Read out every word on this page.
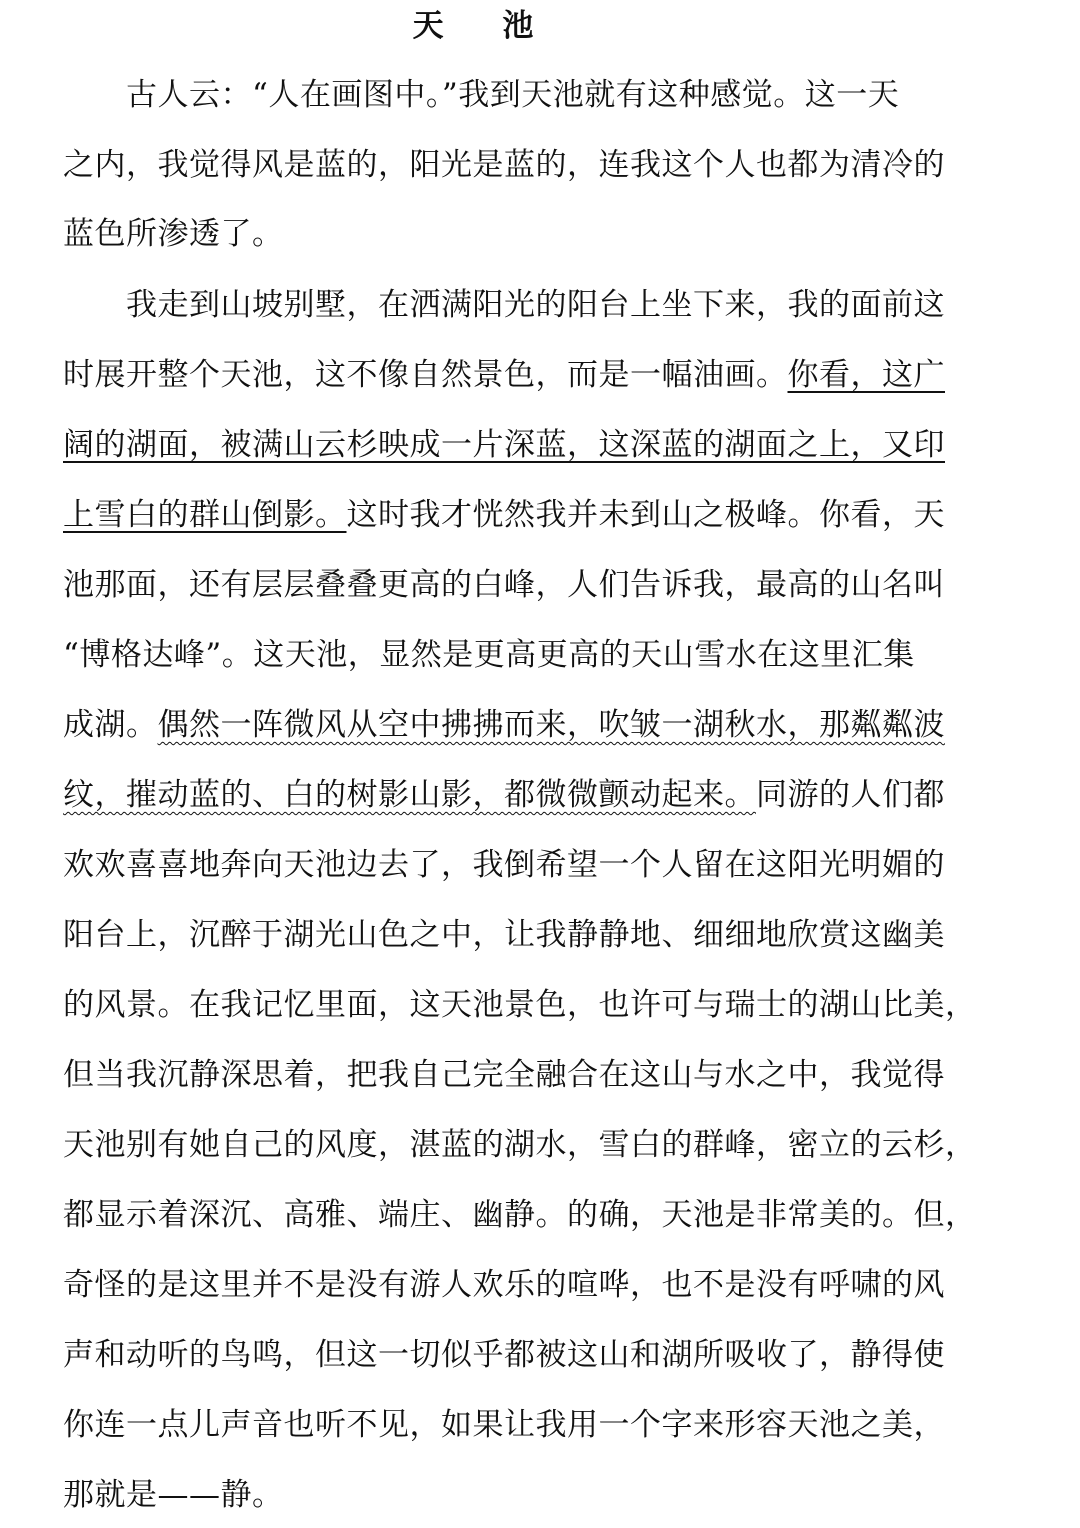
天 池
古人云：“人在画图中。”我到天池就有这种感觉。这一天
之内，我觉得风是蓝的，阳光是蓝的，连我这个人也都为清冷的
蓝色所渗透了。
我走到山坡别墅，在洒满阳光的阳台上坐下来，我的面前这
时展开整个天池，这不像自然景色，而是一幅油画。你看，这广
阔的湖面，被满山云杉映成一片深蓝，这深蓝的湖面之上，又印
上雪白的群山倒影。这时我才恍然我并未到山之极峰。你看，天
池那面，还有层层叠叠更高的白峰，人们告诉我，最高的山名叫
“博格达峰”。这天池，显然是更高更高的天山雪水在这里汇集
成湖。偶然一阵微风从空中拂拂而来，吹皱一湖秋水，那粼粼波
纹，摧动蓝的、白的树影山影，都微微颤动起来。同游的人们都
欢欢喜喜地奔向天池边去了，我倒希望一个人留在这阳光明媚的
阳台上，沉醉于湖光山色之中，让我静静地、细细地欣赏这幽美
的风景。在我记忆里面，这天池景色，也许可与瑞士的湖山比美，
但当我沉静深思着，把我自己完全融合在这山与水之中，我觉得
天池别有她自己的风度，湛蓝的湖水，雪白的群峰，密立的云杉，
都显示着深沉、高雅、端庄、幽静。的确，天池是非常美的。但，
奇怪的是这里并不是没有游人欢乐的喧哗，也不是没有呼啸的风
声和动听的鸟鸣，但这一切似乎都被这山和湖所吸收了，静得使
你连一点儿声音也听不见，如果让我用一个字来形容天池之美，
那就是——静。
